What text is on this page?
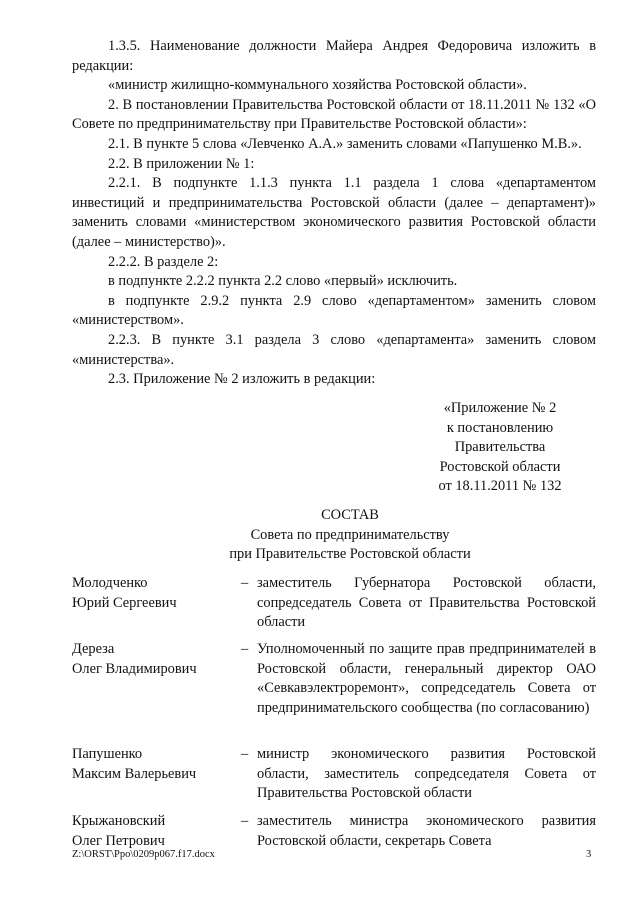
1.3.5. Наименование должности Майера Андрея Федоровича изложить в редакции:

«министр жилищно-коммунального хозяйства Ростовской области».

2. В постановлении Правительства Ростовской области от 18.11.2011 № 132 «О Совете по предпринимательству при Правительстве Ростовской области»:

2.1. В пункте 5 слова «Левченко А.А.» заменить словами «Папушенко М.В.».

2.2. В приложении № 1:

2.2.1. В подпункте 1.1.3 пункта 1.1 раздела 1 слова «департаментом инвестиций и предпринимательства Ростовской области (далее – департамент)» заменить словами «министерством экономического развития Ростовской области (далее – министерство)».

2.2.2. В разделе 2:

в подпункте 2.2.2 пункта 2.2 слово «первый» исключить.

в подпункте 2.9.2 пункта 2.9 слово «департаментом» заменить словом «министерством».

2.2.3. В пункте 3.1 раздела 3 слово «департамента» заменить словом «министерства».

2.3. Приложение № 2 изложить в редакции:

«Приложение № 2
к постановлению
Правительства
Ростовской области
от 18.11.2011 № 132
СОСТАВ
Совета по предпринимательству
при Правительстве Ростовской области
Молодченко
Юрий Сергеевич
– заместитель Губернатора Ростовской области, сопредседатель Совета от Правительства Ростовской области
Дереза
Олег Владимирович
– Уполномоченный по защите прав предпринимателей в Ростовской области, генеральный директор ОАО «Севкавэлектроремонт», сопредседатель Совета от предпринимательского сообщества (по согласованию)
Папушенко
Максим Валерьевич
– министр экономического развития Ростовской области, заместитель сопредседателя Совета от Правительства Ростовской области
Крыжановский
Олег Петрович
– заместитель министра экономического развития Ростовской области, секретарь Совета
Z:\ORST\Ppo\0209p067.f17.docx	3
